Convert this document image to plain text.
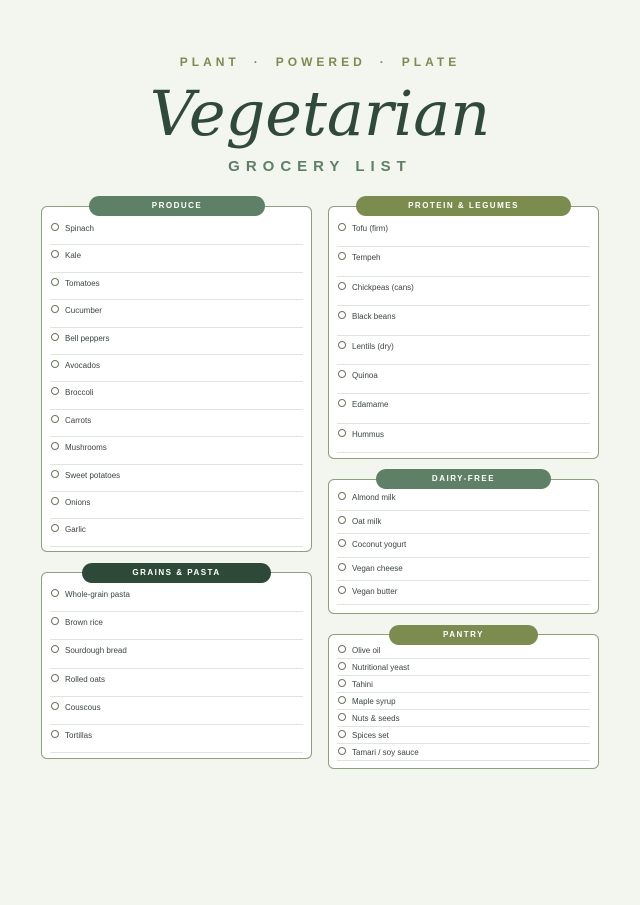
PLANT · POWERED · PLATE
Vegetarian
GROCERY LIST
Spinach
Kale
Tomatoes
Cucumber
Bell peppers
Avocados
Broccoli
Carrots
Mushrooms
Sweet potatoes
Onions
Garlic
PRODUCE
Whole-grain pasta
Brown rice
Sourdough bread
Rolled oats
Couscous
Tortillas
GRAINS & PASTA
Tofu (firm)
Tempeh
Chickpeas (cans)
Black beans
Lentils (dry)
Quinoa
Edamame
Hummus
PROTEIN & LEGUMES
Almond milk
Oat milk
Coconut yogurt
Vegan cheese
Vegan butter
DAIRY-FREE
Olive oil
Nutritional yeast
Tahini
Maple syrup
Nuts & seeds
Spices set
Tamari / soy sauce
PANTRY
